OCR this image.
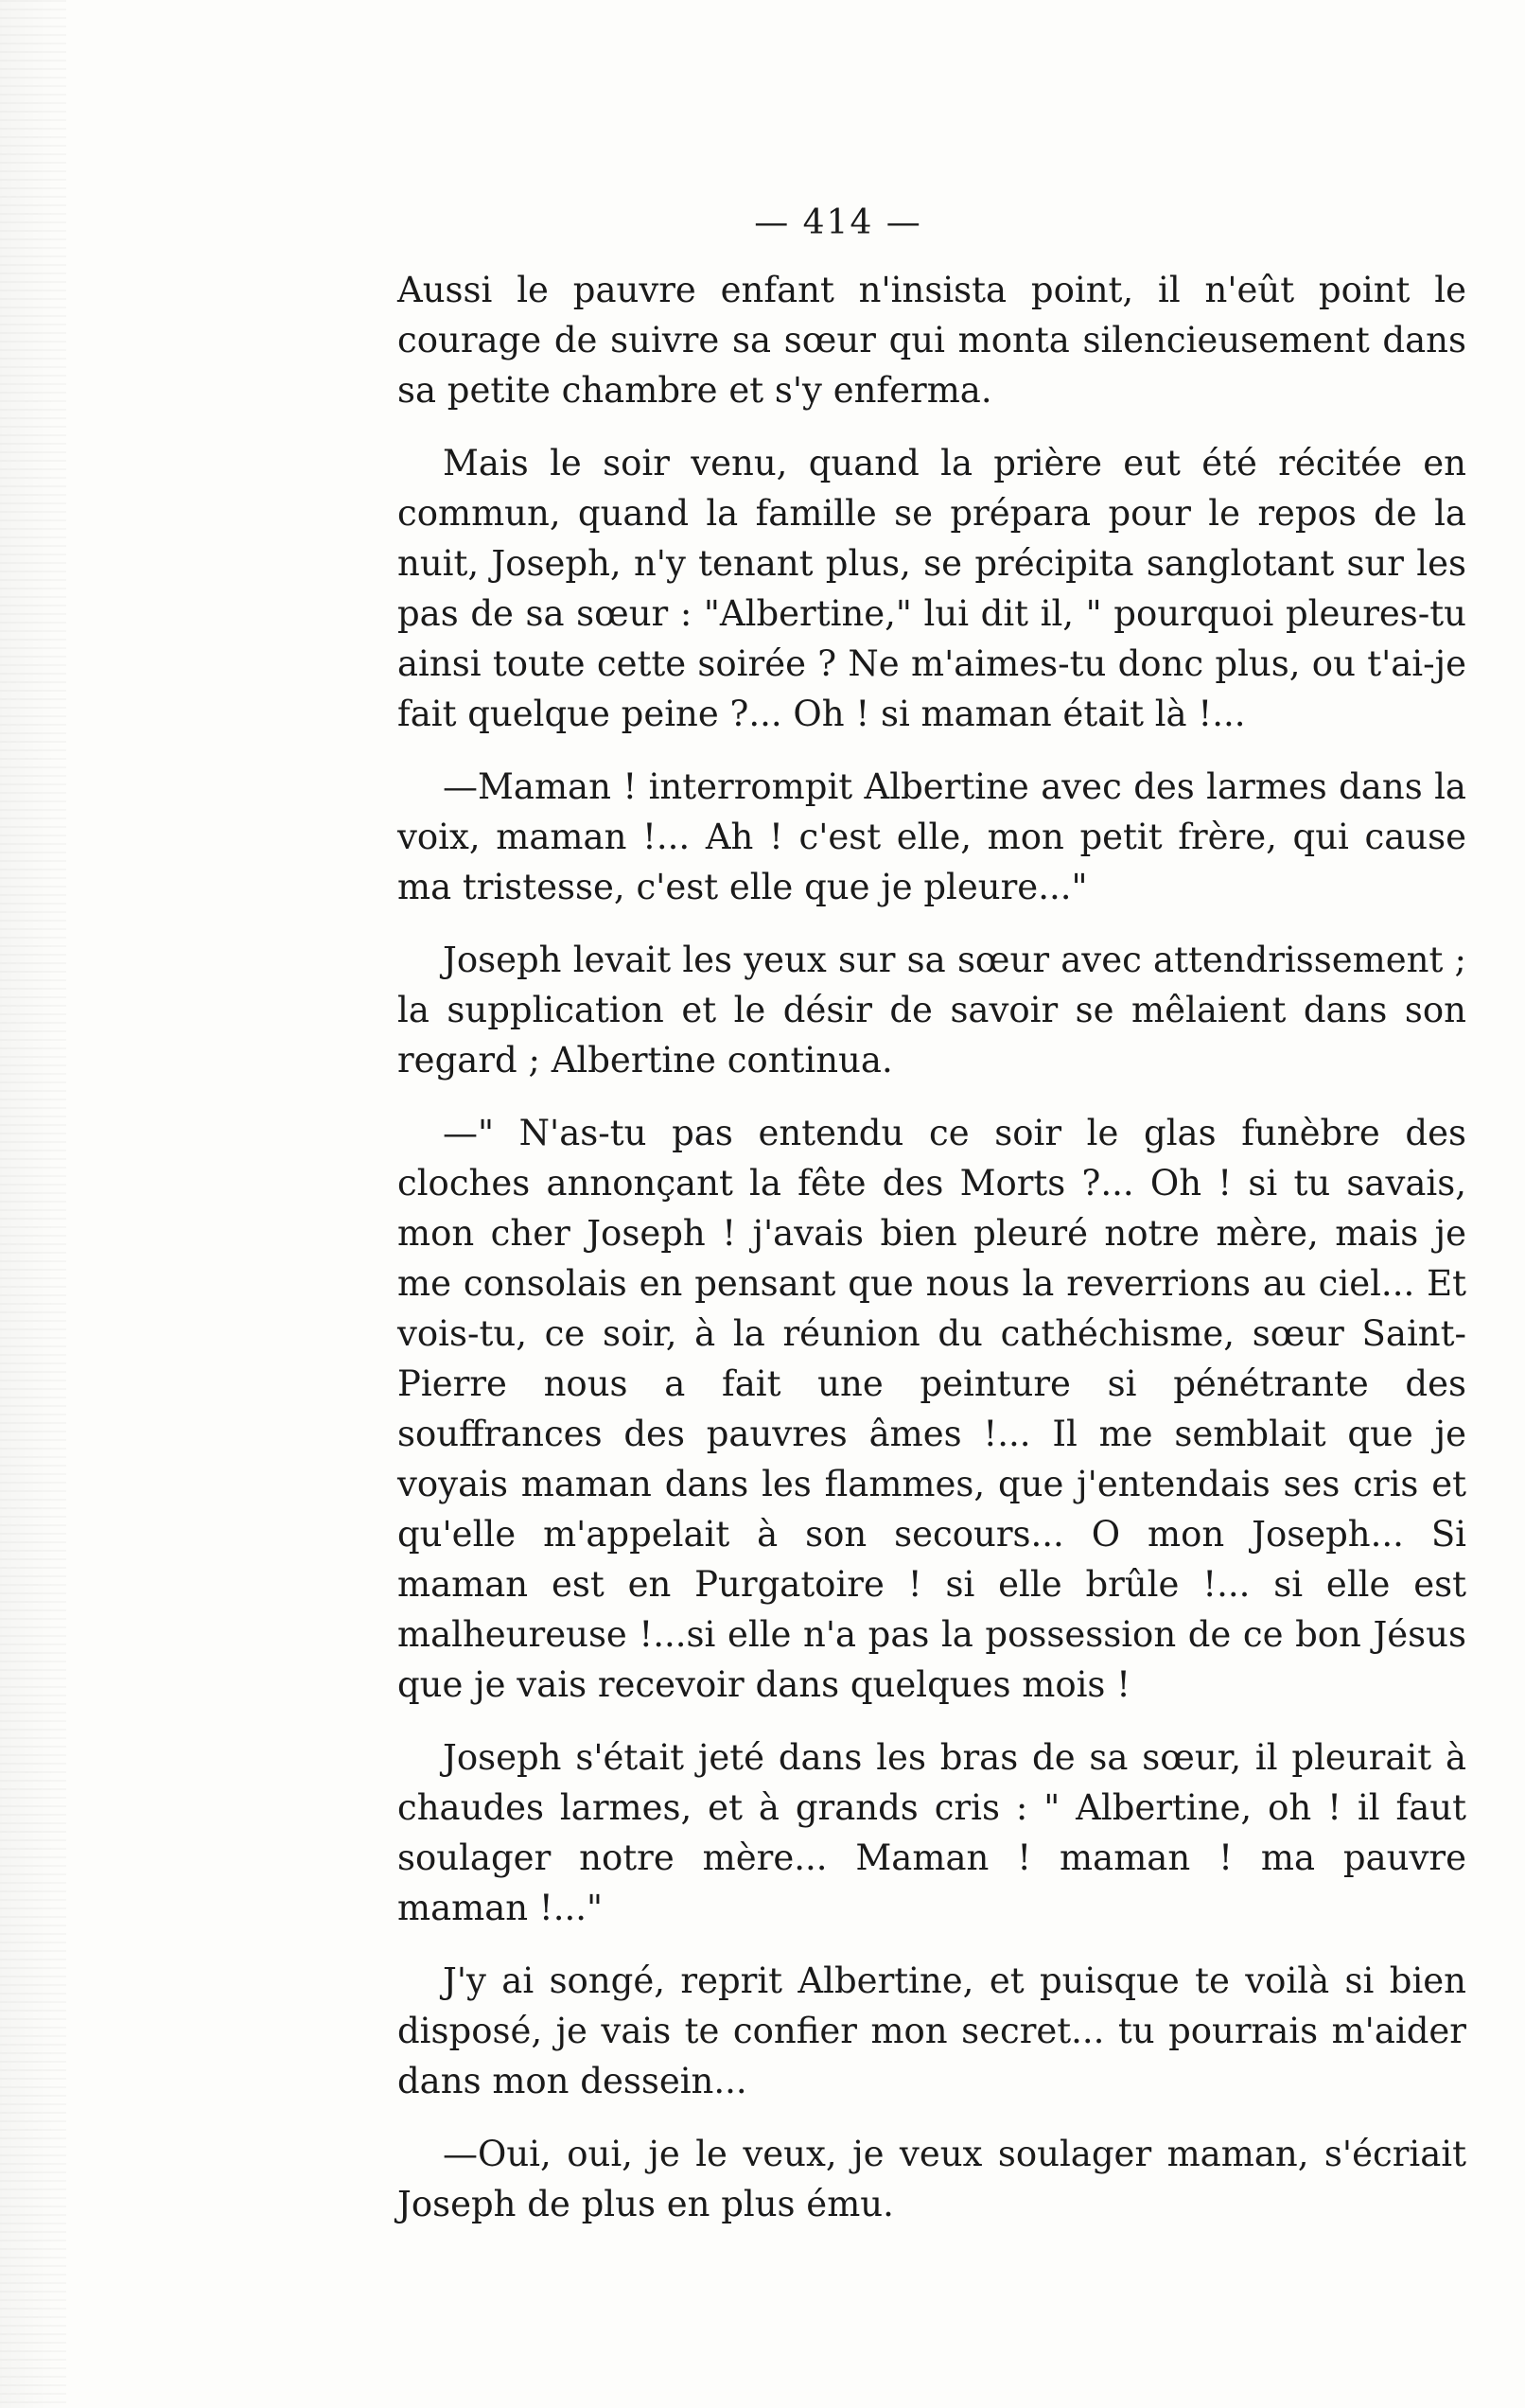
— 414 —

Aussi le pauvre enfant n'insista point, il n'eût point le courage de suivre sa sœur qui monta silencieusement dans sa petite chambre et s'y enferma.

Mais le soir venu, quand la prière eut été récitée en commun, quand la famille se prépara pour le repos de la nuit, Joseph, n'y tenant plus, se précipita sanglotant sur les pas de sa sœur : "Albertine," lui dit il, " pourquoi pleures-tu ainsi toute cette soirée ? Ne m'aimes-tu donc plus, ou t'ai-je fait quelque peine ?... Oh ! si maman était là !...

—Maman ! interrompit Albertine avec des larmes dans la voix, maman !... Ah ! c'est elle, mon petit frère, qui cause ma tristesse, c'est elle que je pleure..."

Joseph levait les yeux sur sa sœur avec attendrissement ; la supplication et le désir de savoir se mêlaient dans son regard ; Albertine continua.

—" N'as-tu pas entendu ce soir le glas funèbre des cloches annonçant la fête des Morts ?... Oh ! si tu savais, mon cher Joseph ! j'avais bien pleuré notre mère, mais je me consolais en pensant que nous la reverrions au ciel... Et vois-tu, ce soir, à la réunion du cathéchisme, sœur Saint-Pierre nous a fait une peinture si pénétrante des souffrances des pauvres âmes !... Il me semblait que je voyais maman dans les flammes, que j'entendais ses cris et qu'elle m'appelait à son secours... O mon Joseph... Si maman est en Purgatoire ! si elle brûle !... si elle est malheureuse !...si elle n'a pas la possession de ce bon Jésus que je vais recevoir dans quelques mois !

Joseph s'était jeté dans les bras de sa sœur, il pleurait à chaudes larmes, et à grands cris : " Albertine, oh ! il faut soulager notre mère... Maman ! maman ! ma pauvre maman !..."

J'y ai songé, reprit Albertine, et puisque te voilà si bien disposé, je vais te confier mon secret... tu pourrais m'aider dans mon dessein...

—Oui, oui, je le veux, je veux soulager maman, s'écriait Joseph de plus en plus ému.
